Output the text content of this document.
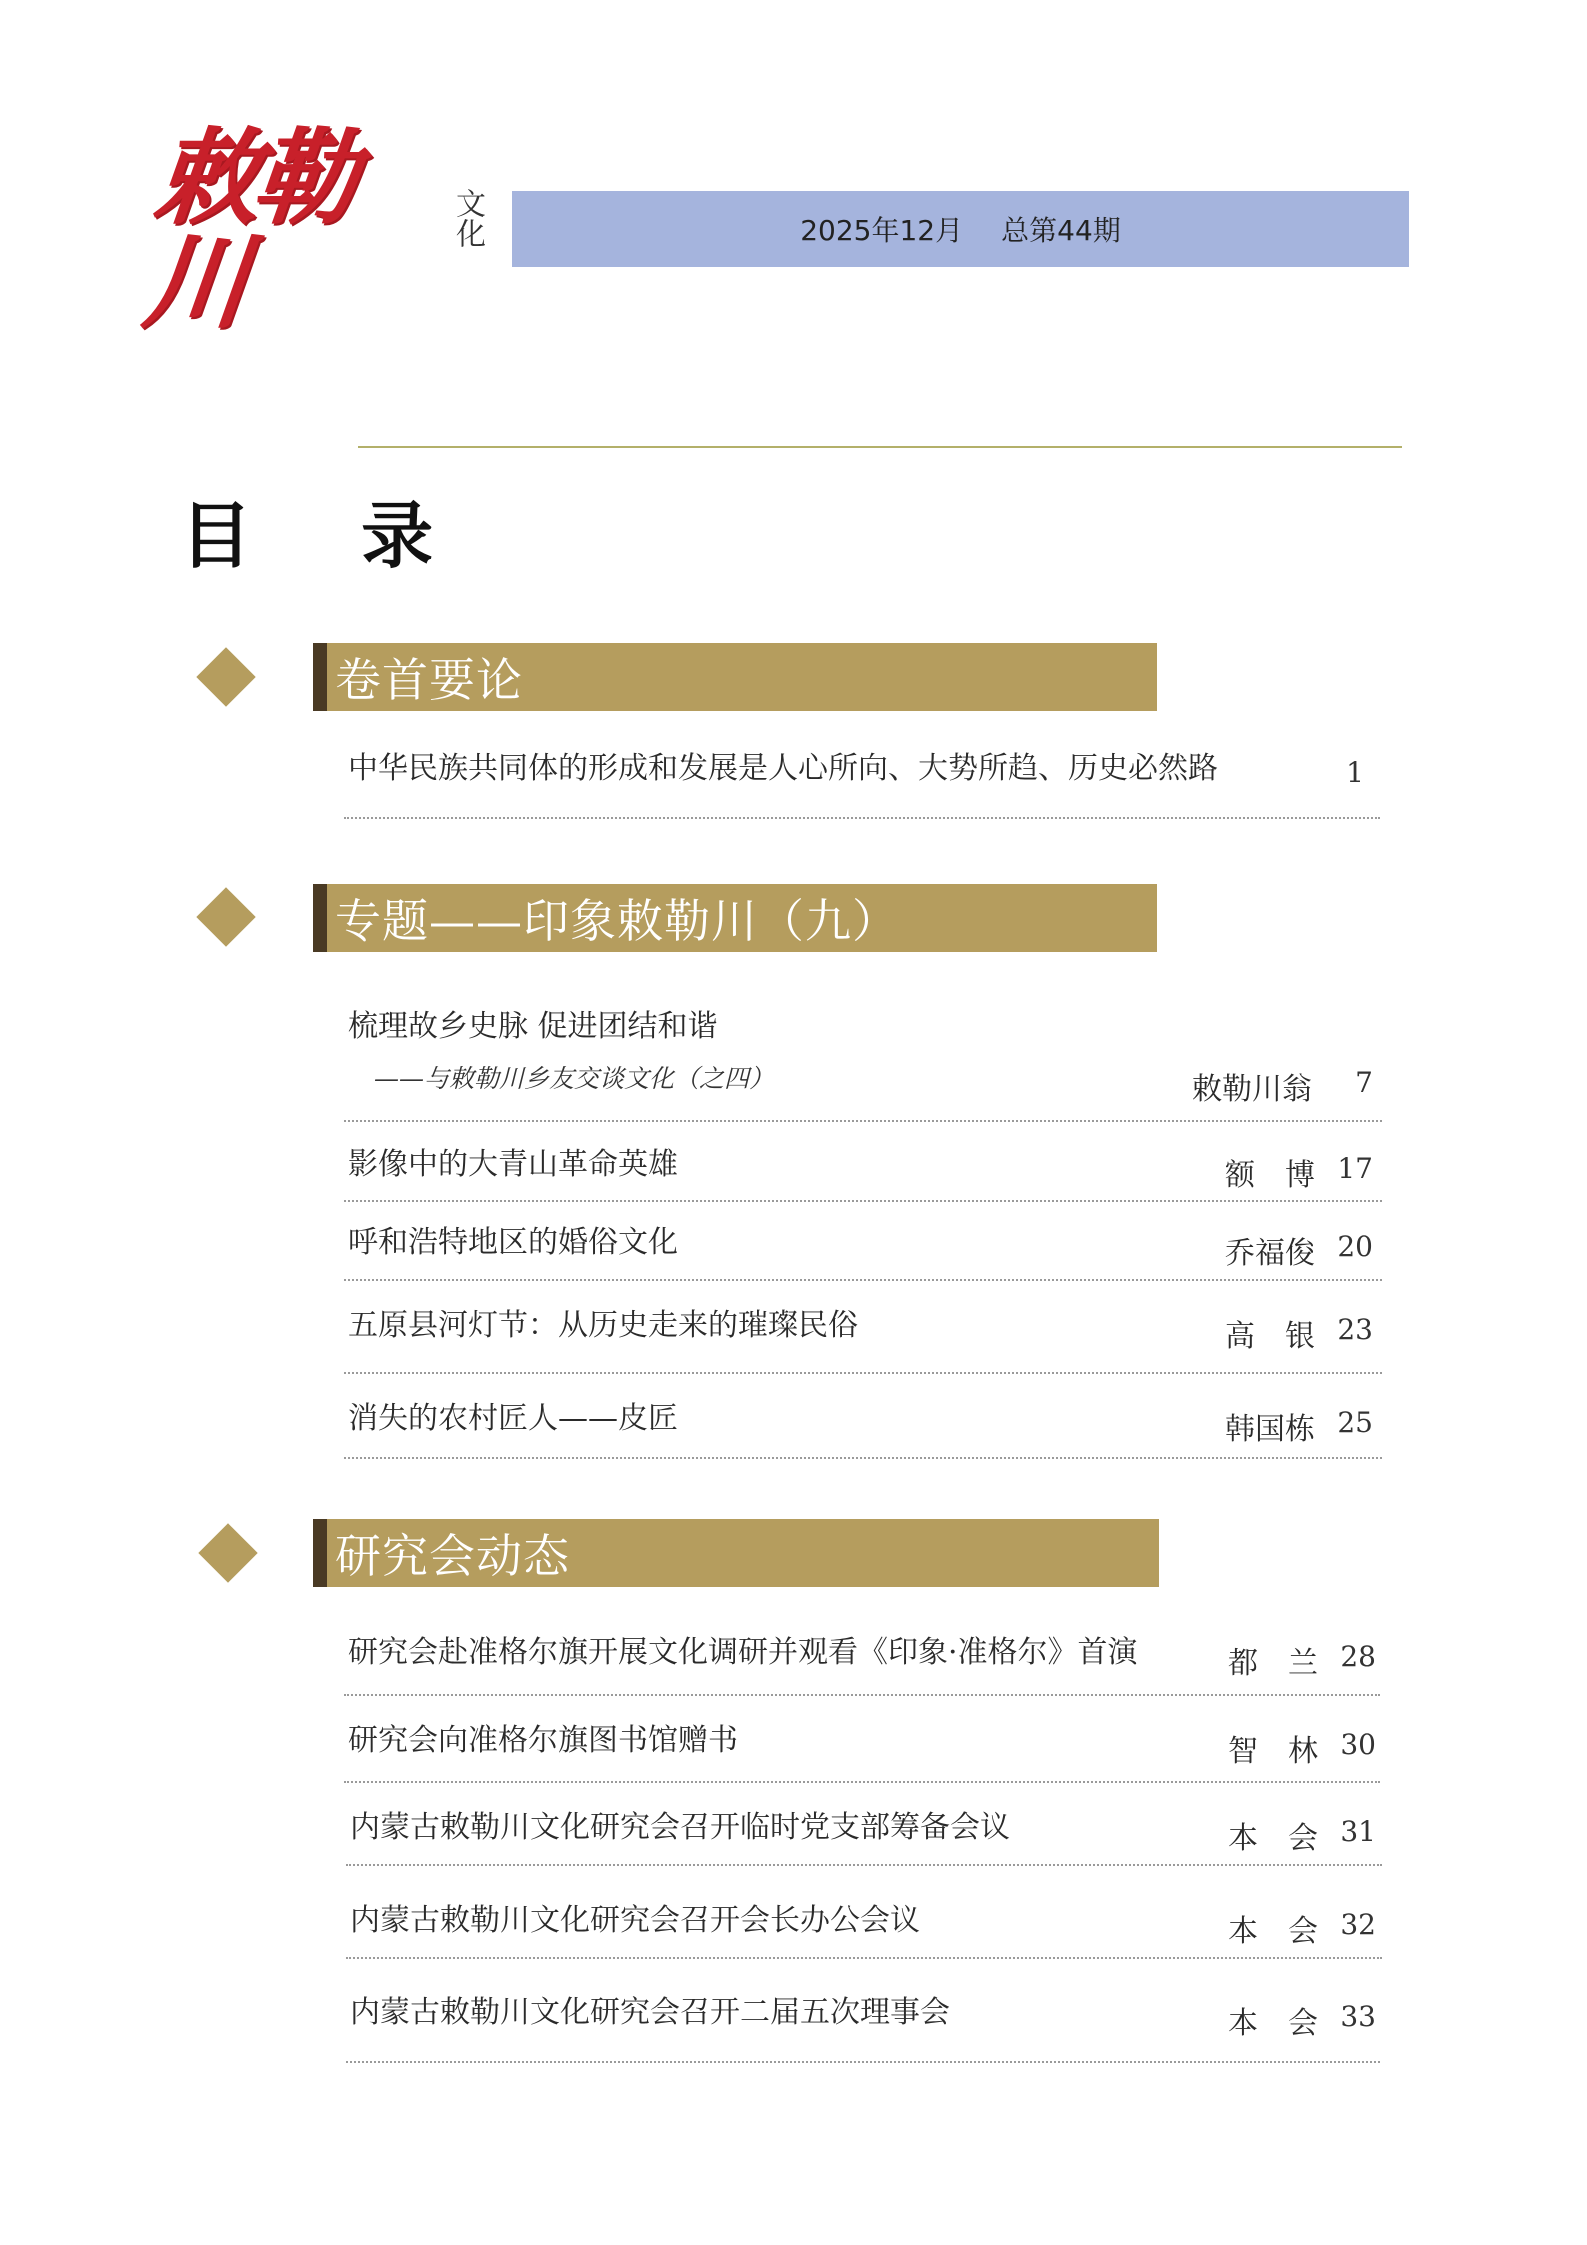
敕勒川
文化	2025年12月 总第44期
目 录
卷首要论
中华民族共同体的形成和发展是人心所向、大势所趋、历史必然路	1
专题——印象敕勒川（九）
梳理故乡史脉 促进团结和谐
——与敕勒川乡友交谈文化（之四）	敕勒川翁	7
影像中的大青山革命英雄	额　博 17
呼和浩特地区的婚俗文化	乔福俊 20
五原县河灯节：从历史走来的璀璨民俗	高　银 23
消失的农村匠人——皮匠	韩国栋 25
研究会动态
研究会赴准格尔旗开展文化调研并观看《印象·准格尔》首演	都　兰 28
研究会向准格尔旗图书馆赠书	智　林 30
内蒙古敕勒川文化研究会召开临时党支部筹备会议	本　会 31
内蒙古敕勒川文化研究会召开会长办公会议	本　会 32
内蒙古敕勒川文化研究会召开二届五次理事会	本　会 33
